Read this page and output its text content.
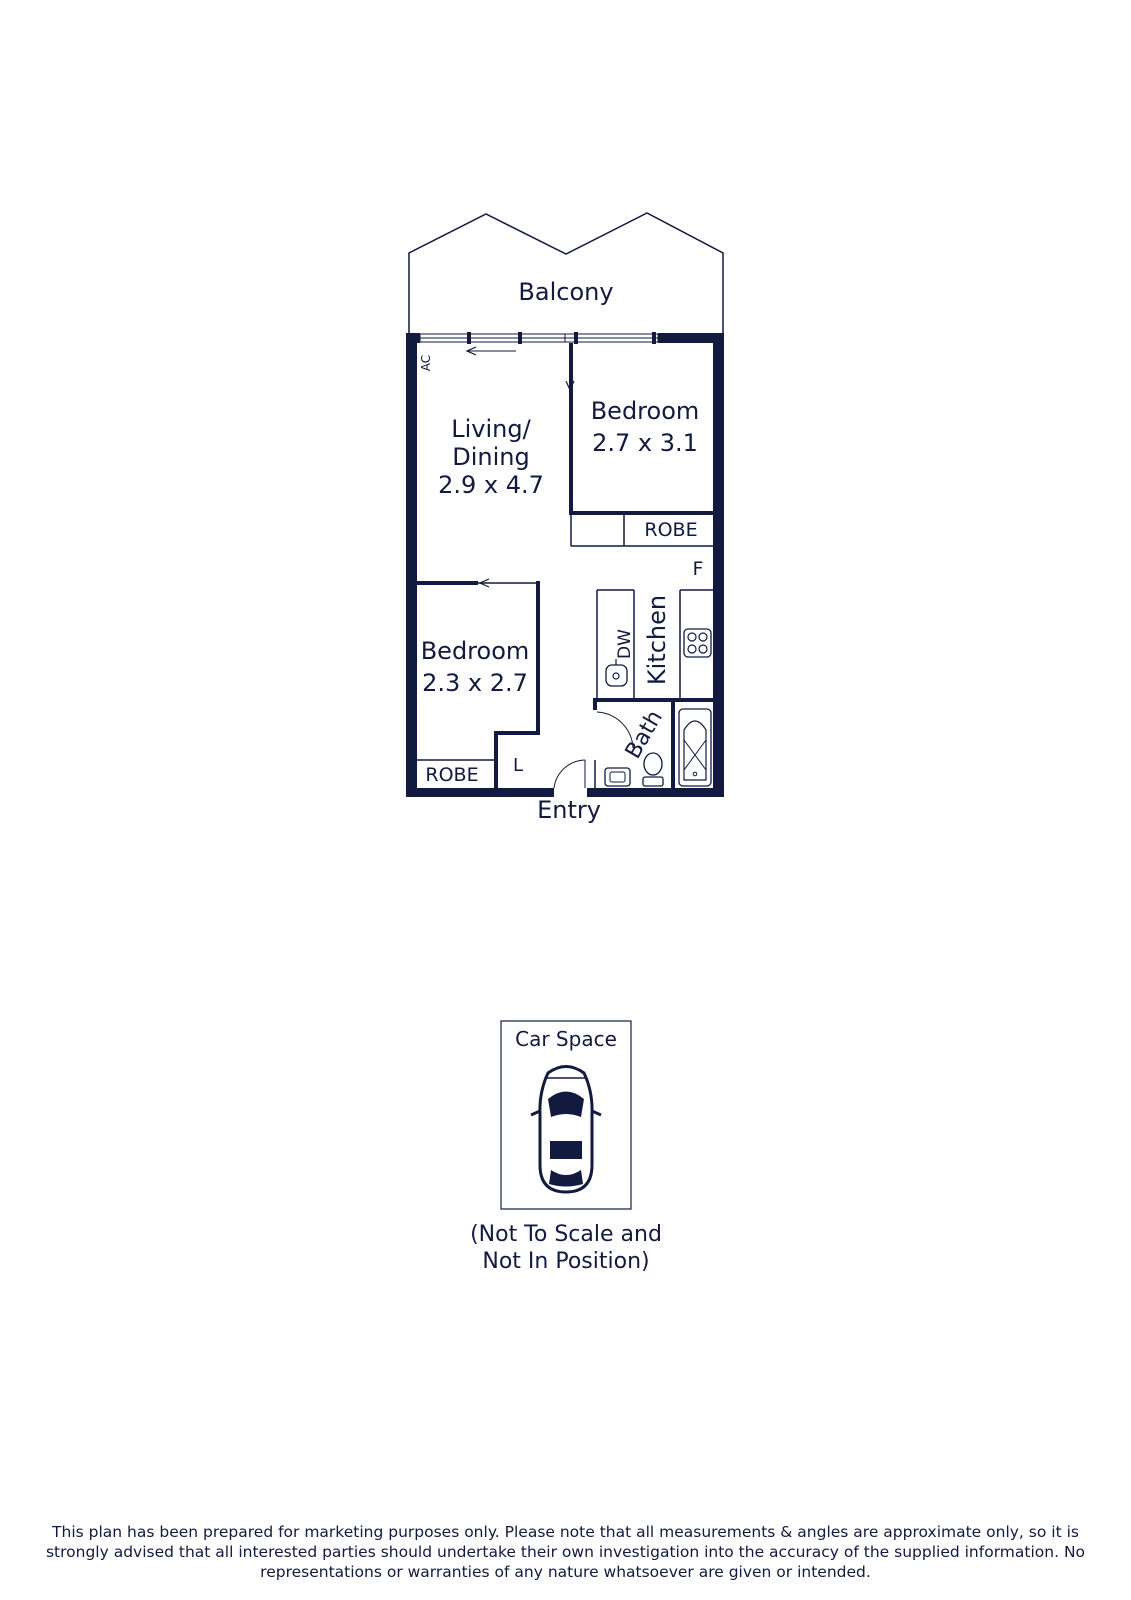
Balcony
AC
Living/
Dining
2.9 x 4.7
Bedroom
2.7 x 3.1
ROBE
F
Bedroom
2.3 x 2.7
ROBE L
DW Kitchen
Bath
Entry
Car Space
(Not To Scale and
Not In Position)

This plan has been prepared for marketing purposes only. Please note that all measurements & angles are approximate only, so it is strongly advised that all interested parties should undertake their own investigation into the accuracy of the supplied information. No representations or warranties of any nature whatsoever are given or intended.
